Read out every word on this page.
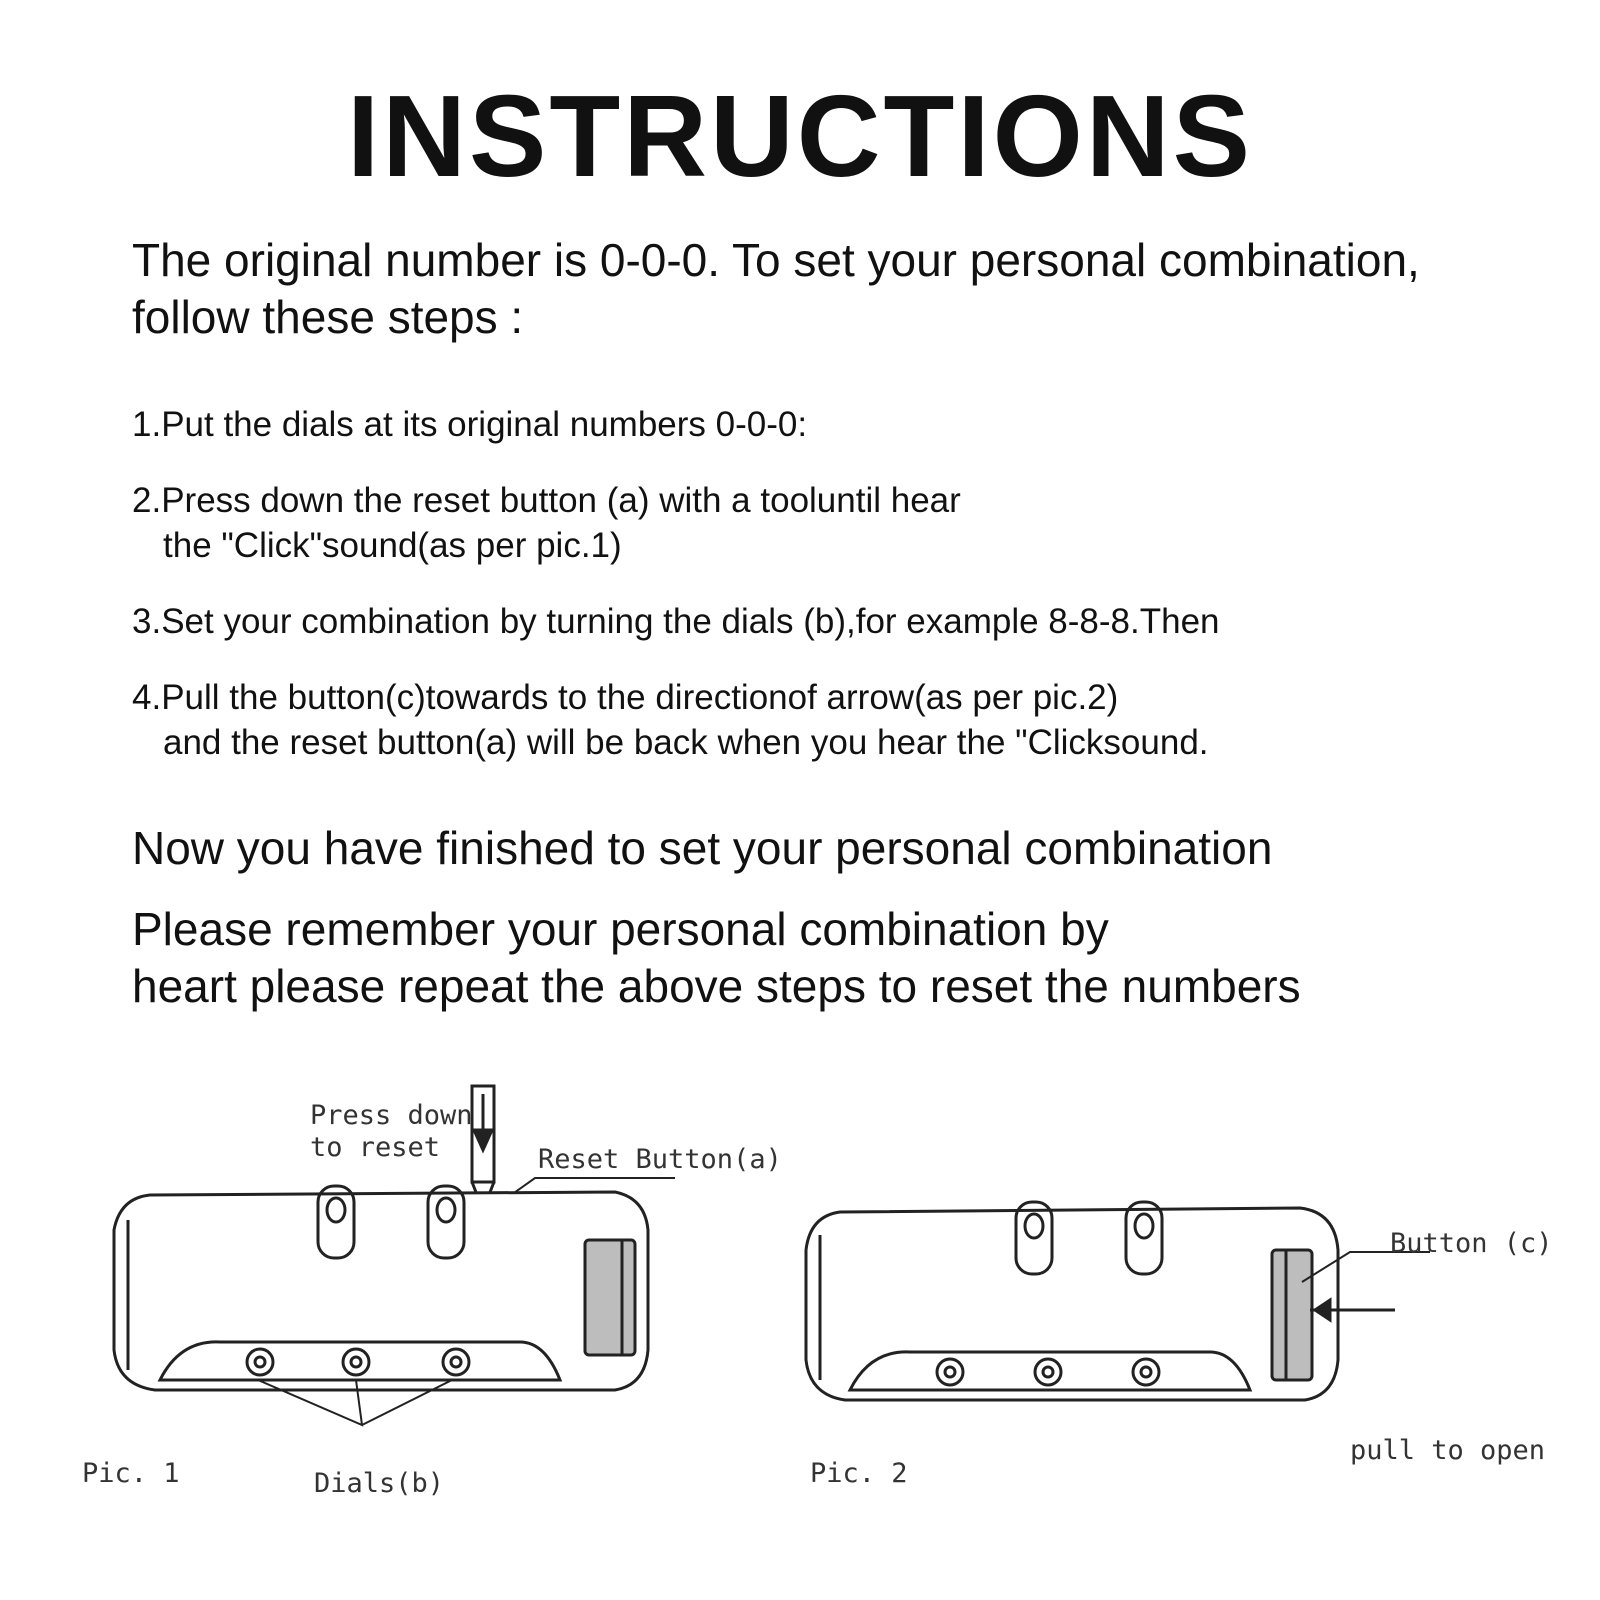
INSTRUCTIONS
The original number is 0-0-0. To set your personal combination,
follow these steps :
1.Put the dials at its original numbers 0-0-0:
2.Press down the reset button (a) with a tooluntil hear
the "Click"sound(as per pic.1)
3.Set your combination by turning the dials (b),for example 8-8-8.Then
4.Pull the button(c)towards to the directionof arrow(as per pic.2)
and the reset button(a) will be back when you hear the "Clicksound.

Now you have finished to set your personal combination

Please remember your personal combination by

heart please repeat the above steps to reset the numbers

Press down
to reset	Reset Button(a)
Dials(b)
Pic. 1
Button (c)
pull to open
Pic. 2
